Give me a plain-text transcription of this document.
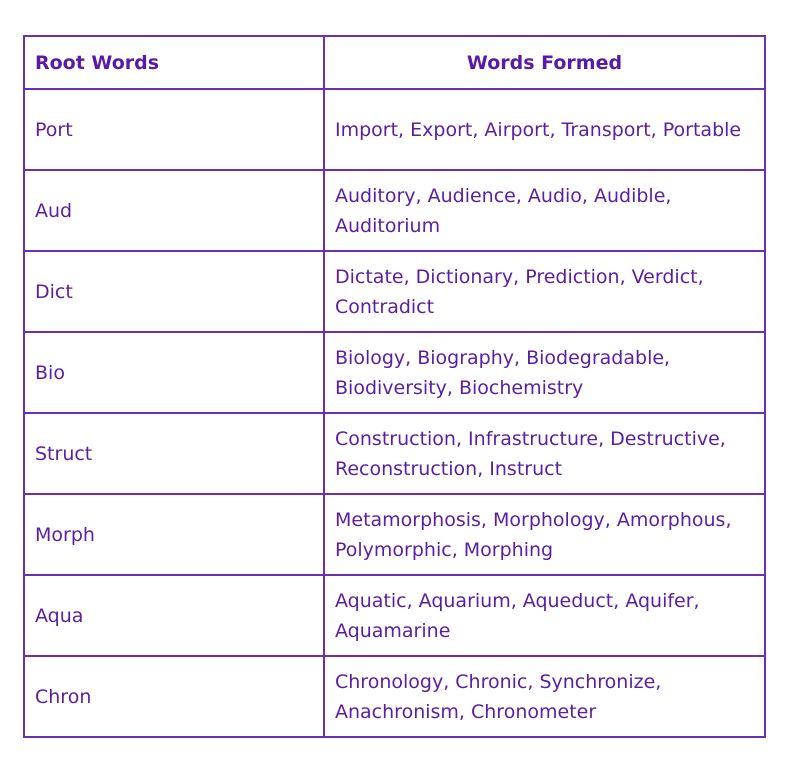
Root Words	Words Formed
Port	Import, Export, Airport, Transport, Portable
Aud	Auditory, Audience, Audio, Audible, Auditorium
Dict	Dictate, Dictionary, Prediction, Verdict, Contradict
Bio	Biology, Biography, Biodegradable, Biodiversity, Biochemistry
Struct	Construction, Infrastructure, Destructive, Reconstruction, Instruct
Morph	Metamorphosis, Morphology, Amorphous, Polymorphic, Morphing
Aqua	Aquatic, Aquarium, Aqueduct, Aquifer, Aquamarine
Chron	Chronology, Chronic, Synchronize, Anachronism, Chronometer
